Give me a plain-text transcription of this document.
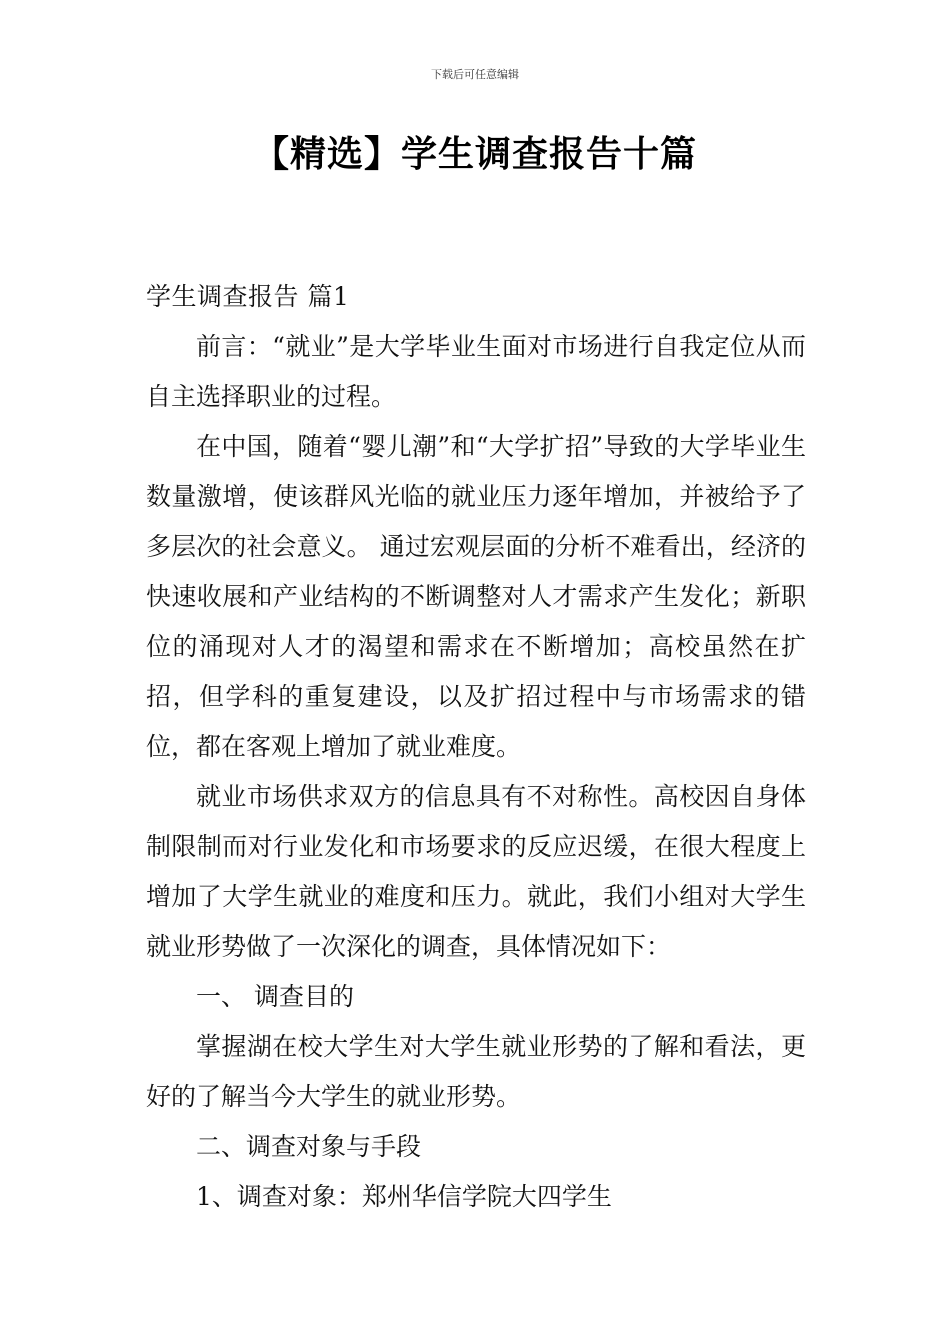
下载后可任意编辑
【精选】学生调查报告十篇

学生调查报告 篇1

前言：“就业”是大学毕业生面对市场进行自我定位从而自主选择职业的过程。

在中国，随着“婴儿潮”和“大学扩招”导致的大学毕业生数量激增，使该群风光临的就业压力逐年增加，并被给予了多层次的社会意义。 通过宏观层面的分析不难看出，经济的快速收展和产业结构的不断调整对人才需求产生发化；新职位的涌现对人才的渴望和需求在不断增加；高校虽然在扩招，但学科的重复建设，以及扩招过程中与市场需求的错位，都在客观上增加了就业难度。

就业市场供求双方的信息具有不对称性。高校因自身体制限制而对行业发化和市场要求的反应迟缓，在很大程度上增加了大学生就业的难度和压力。就此，我们小组对大学生就业形势做了一次深化的调查，具体情况如下：

一、 调查目的

掌握湖在校大学生对大学生就业形势的了解和看法，更好的了解当今大学生的就业形势。

二、调查对象与手段

1、调查对象：郑州华信学院大四学生
